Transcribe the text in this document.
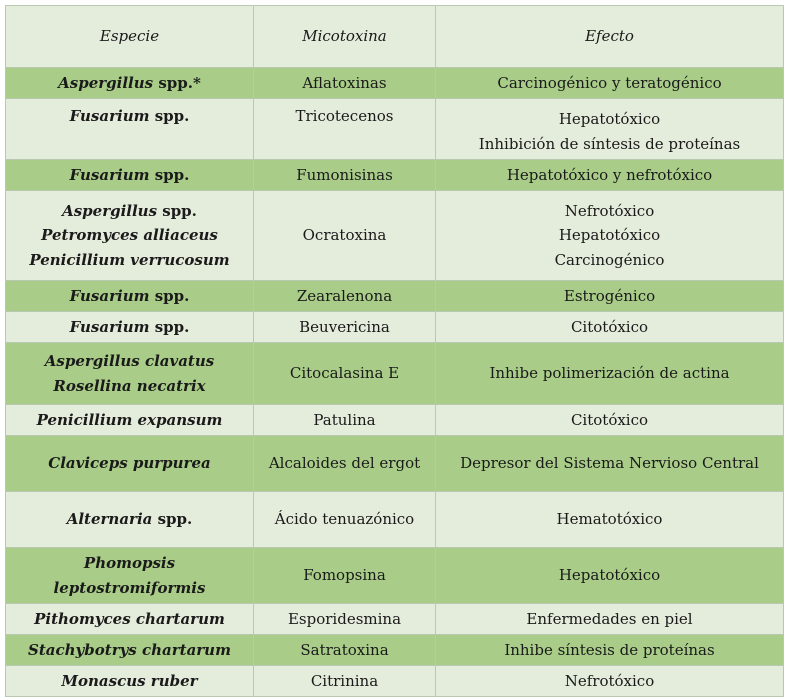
Especie	Micotoxina	Efecto

Aspergillus spp.*	Aflatoxinas	Carcinogénico y teratogénico

Fusarium spp.	Tricotecenos	Hepatotóxico
Inhibición de síntesis de proteínas

Fusarium spp.	Fumonisinas	Hepatotóxico y nefrotóxico

Aspergillus spp.
Petromyces alliaceus
Penicillium verrucosum	Ocratoxina	Nefrotóxico
Hepatotóxico
Carcinogénico

Fusarium spp.	Zearalenona	Estrogénico

Fusarium spp.	Beuvericina	Citotóxico

Aspergillus clavatus
Rosellina necatrix	Citocalasina E	Inhibe polimerización de actina

Penicillium expansum	Patulina	Citotóxico

Claviceps purpurea	Alcaloides del ergot	Depresor del Sistema Nervioso Central

Alternaria spp.	Ácido tenuazónico	Hematotóxico

Phomopsis leptostromiformis	Fomopsina	Hepatotóxico

Pithomyces chartarum	Esporidesmina	Enfermedades en piel

Stachybotrys chartarum	Satratoxina	Inhibe síntesis de proteínas

Monascus ruber	Citrinina	Nefrotóxico
